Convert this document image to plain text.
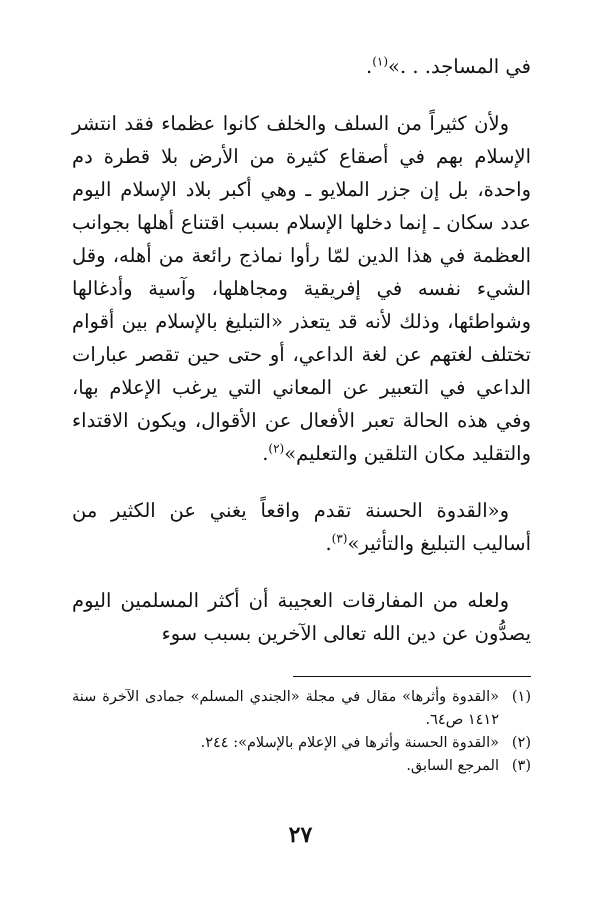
في المساجد. . .»$^{(١)}$.

ولأن كثيراً من السلف والخلف كانوا عظماء فقد انتشر الإسلام بهم في أصقاع كثيرة من الأرض بلا قطرة دم واحدة، بل إن جزر الملايو ـ وهي أكبر بلاد الإسلام اليوم عدد سكان ـ إنما دخلها الإسلام بسبب اقتناع أهلها بجوانب العظمة في هذا الدين لمّا رأوا نماذج رائعة من أهله، وقل الشيء نفسه في إفريقية ومجاهلها، وآسية وأدغالها وشواطئها، وذلك لأنه قد يتعذر «التبليغ بالإسلام بين أقوام تختلف لغتهم عن لغة الداعي، أو حتى حين تقصر عبارات الداعي في التعبير عن المعاني التي يرغب الإعلام بها، وفي هذه الحالة تعبر الأفعال عن الأقوال، ويكون الاقتداء والتقليد مكان التلقين والتعليم»$^{(٢)}$.

و«القدوة الحسنة تقدم واقعاً يغني عن الكثير من أساليب التبليغ والتأثير»$^{(٣)}$.

ولعله من المفارقات العجيبة أن أكثر المسلمين اليوم يصدُّون عن دين الله تعالى الآخرين بسبب سوء

(١)
«القدوة وأثرها» مقال في مجلة «الجندي المسلم» جمادى الآخرة سنة ١٤١٢ ص٦٤.
(٢)
«القدوة الحسنة وأثرها في الإعلام بالإسلام»: ٢٤٤.
(٣)
المرجع السابق.
٢٧
